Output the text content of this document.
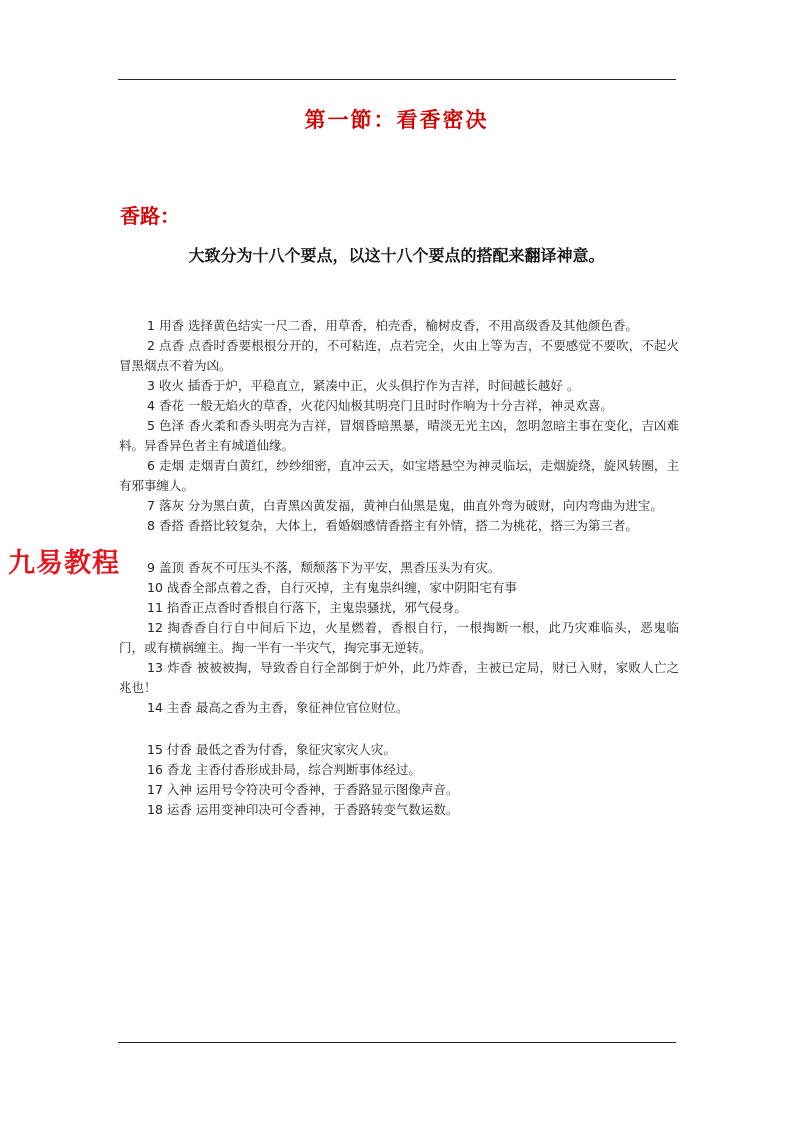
第一節：看香密决
香路：
大致分为十八个要点，以这十八个要点的搭配来翻译神意。

1 用香 选择黄色结实一尺二香，用草香，柏壳香，榆树皮香，不用高级香及其他颜色香。

2 点香 点香时香要根根分开的，不可粘连，点若完全，火由上等为吉，不要感觉不要吹，不起火冒黑烟点不着为凶。

3 收火 插香于炉，平稳直立，紧凑中正，火头倶拧作为吉祥，时间越长越好 。

4 香花 一般无焰火的草香，火花闪灿极其明亮门且时时作响为十分吉祥，神灵欢喜。

5 色泽 香火柔和香头明亮为吉祥，冒烟昏暗黑暴，晴淡无光主凶，忽明忽暗主事在变化，吉凶难料。异香异色者主有城道仙缘。

6 走烟 走烟青白黄红，纱纱细密，直冲云天，如宝塔悬空为神灵临坛，走烟旋绕，旋风转圈，主有邪事缠人。

7 落灰 分为黑白黄，白青黑凶黄发福，黄神白仙黑是鬼，曲直外弯为破财，向内弯曲为进宝。

8 香搭 香搭比较复杂，大体上，看婚姻感情香搭主有外情，搭二为桃花，搭三为第三者。

9 盖顶 香灰不可压头不落，颓颓落下为平安，黑香压头为有灾。

10 战香全部点着之香，自行灭掉，主有鬼祟纠缠，家中阴阳宅有事

11 掐香正点香时香根自行落下，主鬼祟骚扰，邪气侵身。

12 掏香香自行自中间后下边，火星燃着，香根自行，一根掏断一根，此乃灾难临头，恶鬼临门，或有横祸缠主。掏一半有一半灾气，掏完事无逆转。

13 炸香 被被被掏，导致香自行全部倒于炉外，此乃炸香，主被已定局，财已入财，家败人亡之兆也！

14 主香 最高之香为主香，象征神位官位财位。

15 付香 最低之香为付香，象征灾家灾人灾。

16 香龙 主香付香形成卦局，综合判断事体经过。

17 入神 运用号令符决可令香神，于香路显示图像声音。

18 运香 运用变神印决可令香神，于香路转变气数运数。

九易教程
